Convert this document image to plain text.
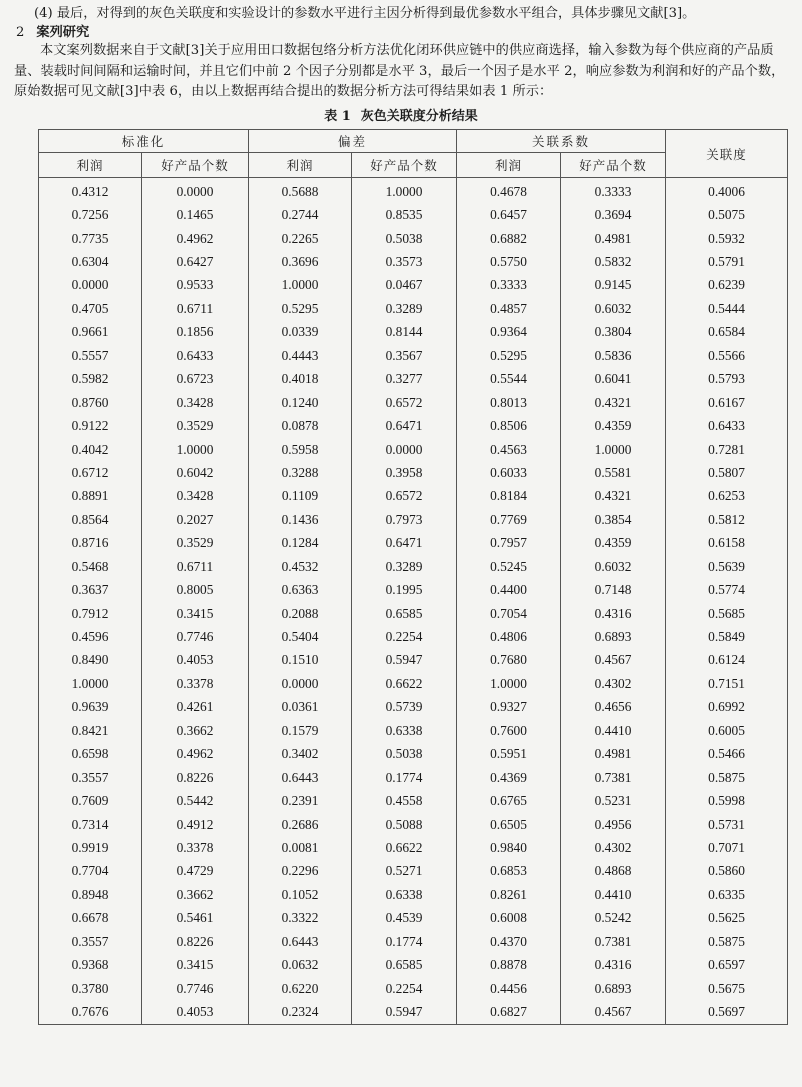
(4) 最后，对得到的灰色关联度和实验设计的参数水平进行主因分析得到最优参数水平组合，具体步骤见文献[3]。
2 案列研究
本文案列数据来自于文献[3]关于应用田口数据包络分析方法优化闭环供应链中的供应商选择，输入参数为每个供应商的产品质量、装载时间间隔和运输时间，并且它们中前 2 个因子分别都是水平 3，最后一个因子是水平 2，响应参数为利润和好的产品个数，原始数据可见文献[3]中表 6，由以上数据再结合提出的数据分析方法可得结果如表 1 所示：
表 1 灰色关联度分析结果
标准化		偏差		关联系数		关联度
利润	好产品个数	利润	好产品个数	利润	好产品个数	
0.4312	0.0000	0.5688	1.0000	0.4678	0.3333	0.4006
0.7256	0.1465	0.2744	0.8535	0.6457	0.3694	0.5075
0.7735	0.4962	0.2265	0.5038	0.6882	0.4981	0.5932
0.6304	0.6427	0.3696	0.3573	0.5750	0.5832	0.5791
0.0000	0.9533	1.0000	0.0467	0.3333	0.9145	0.6239
0.4705	0.6711	0.5295	0.3289	0.4857	0.6032	0.5444
0.9661	0.1856	0.0339	0.8144	0.9364	0.3804	0.6584
0.5557	0.6433	0.4443	0.3567	0.5295	0.5836	0.5566
0.5982	0.6723	0.4018	0.3277	0.5544	0.6041	0.5793
0.8760	0.3428	0.1240	0.6572	0.8013	0.4321	0.6167
0.9122	0.3529	0.0878	0.6471	0.8506	0.4359	0.6433
0.4042	1.0000	0.5958	0.0000	0.4563	1.0000	0.7281
0.6712	0.6042	0.3288	0.3958	0.6033	0.5581	0.5807
0.8891	0.3428	0.1109	0.6572	0.8184	0.4321	0.6253
0.8564	0.2027	0.1436	0.7973	0.7769	0.3854	0.5812
0.8716	0.3529	0.1284	0.6471	0.7957	0.4359	0.6158
0.5468	0.6711	0.4532	0.3289	0.5245	0.6032	0.5639
0.3637	0.8005	0.6363	0.1995	0.4400	0.7148	0.5774
0.7912	0.3415	0.2088	0.6585	0.7054	0.4316	0.5685
0.4596	0.7746	0.5404	0.2254	0.4806	0.6893	0.5849
0.8490	0.4053	0.1510	0.5947	0.7680	0.4567	0.6124
1.0000	0.3378	0.0000	0.6622	1.0000	0.4302	0.7151
0.9639	0.4261	0.0361	0.5739	0.9327	0.4656	0.6992
0.8421	0.3662	0.1579	0.6338	0.7600	0.4410	0.6005
0.6598	0.4962	0.3402	0.5038	0.5951	0.4981	0.5466
0.3557	0.8226	0.6443	0.1774	0.4369	0.7381	0.5875
0.7609	0.5442	0.2391	0.4558	0.6765	0.5231	0.5998
0.7314	0.4912	0.2686	0.5088	0.6505	0.4956	0.5731
0.9919	0.3378	0.0081	0.6622	0.9840	0.4302	0.7071
0.7704	0.4729	0.2296	0.5271	0.6853	0.4868	0.5860
0.8948	0.3662	0.1052	0.6338	0.8261	0.4410	0.6335
0.6678	0.5461	0.3322	0.4539	0.6008	0.5242	0.5625
0.3557	0.8226	0.6443	0.1774	0.4370	0.7381	0.5875
0.9368	0.3415	0.0632	0.6585	0.8878	0.4316	0.6597
0.3780	0.7746	0.6220	0.2254	0.4456	0.6893	0.5675
0.7676	0.4053	0.2324	0.5947	0.6827	0.4567	0.5697
